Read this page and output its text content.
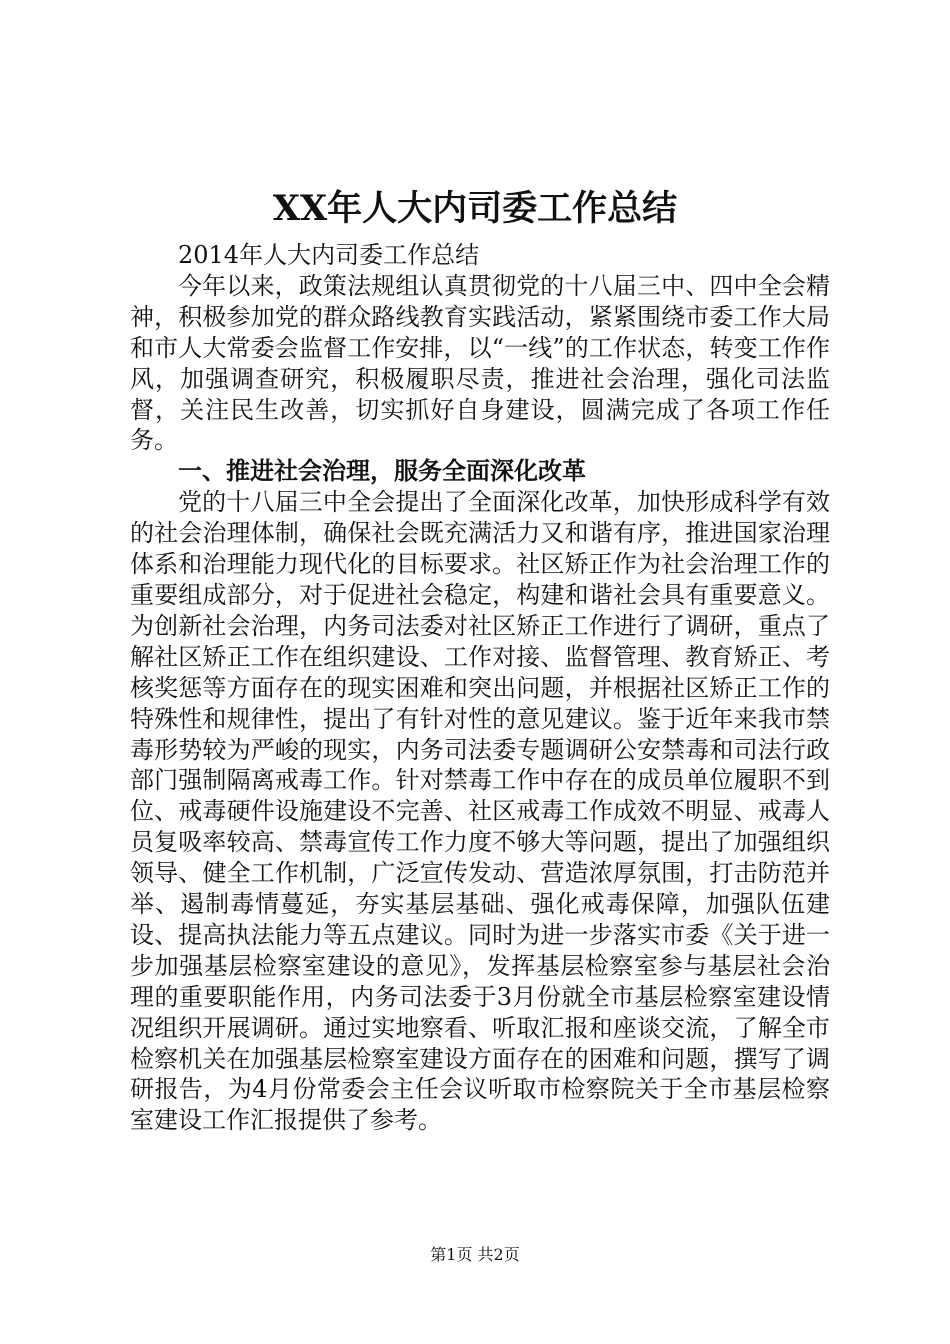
XX年人大内司委工作总结

2014年人大内司委工作总结

今年以来，政策法规组认真贯彻党的十八届三中、四中全会精神，积极参加党的群众路线教育实践活动，紧紧围绕市委工作大局和市人大常委会监督工作安排，以“一线”的工作状态，转变工作作风，加强调查研究，积极履职尽责，推进社会治理，强化司法监督，关注民生改善，切实抓好自身建设，圆满完成了各项工作任务。

一、推进社会治理，服务全面深化改革

党的十八届三中全会提出了全面深化改革，加快形成科学有效的社会治理体制，确保社会既充满活力又和谐有序，推进国家治理体系和治理能力现代化的目标要求。社区矫正作为社会治理工作的重要组成部分，对于促进社会稳定，构建和谐社会具有重要意义。为创新社会治理，内务司法委对社区矫正工作进行了调研，重点了解社区矫正工作在组织建设、工作对接、监督管理、教育矫正、考核奖惩等方面存在的现实困难和突出问题，并根据社区矫正工作的特殊性和规律性，提出了有针对性的意见建议。鉴于近年来我市禁毒形势较为严峻的现实，内务司法委专题调研公安禁毒和司法行政部门强制隔离戒毒工作。针对禁毒工作中存在的成员单位履职不到位、戒毒硬件设施建设不完善、社区戒毒工作成效不明显、戒毒人员复吸率较高、禁毒宣传工作力度不够大等问题，提出了加强组织领导、健全工作机制，广泛宣传发动、营造浓厚氛围，打击防范并举、遏制毒情蔓延，夯实基层基础、强化戒毒保障，加强队伍建设、提高执法能力等五点建议。同时为进一步落实市委《关于进一步加强基层检察室建设的意见》，发挥基层检察室参与基层社会治理的重要职能作用，内务司法委于3月份就全市基层检察室建设情况组织开展调研。通过实地察看、听取汇报和座谈交流，了解全市检察机关在加强基层检察室建设方面存在的困难和问题，撰写了调研报告，为4月份常委会主任会议听取市检察院关于全市基层检察室建设工作汇报提供了参考。

第1页 共2页
